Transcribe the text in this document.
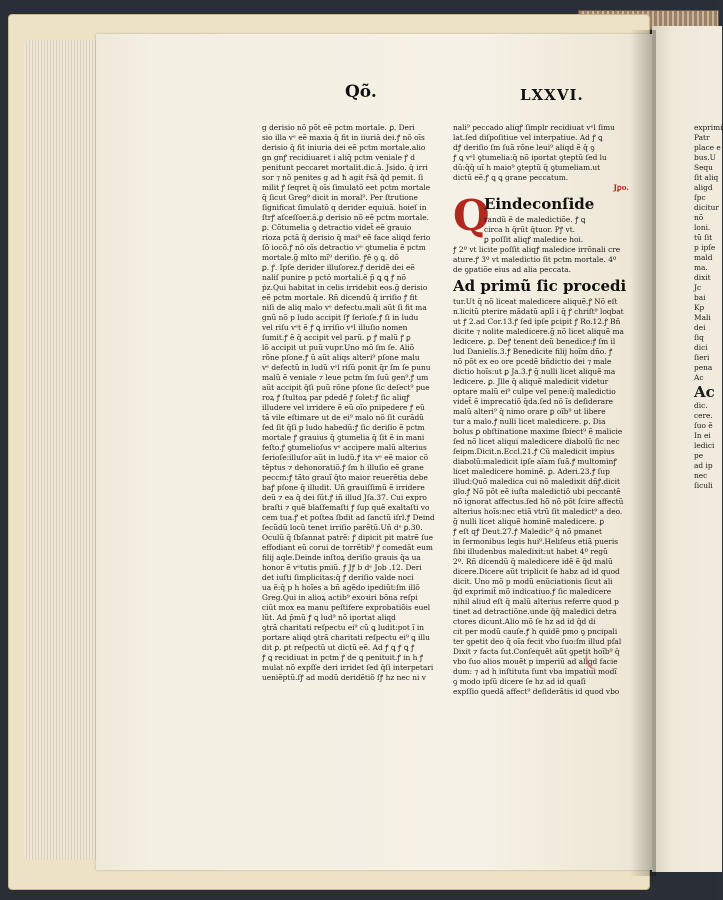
Qõ.	LXXVI.
g derisio nõ põt eẽ pctm mortale. ꝑ. Deri
sio illa vᵉ eẽ maxia q̄ fit in iiuriā dei.ꝭ nõ oīs
derisio q̄ fit iniuria dei eẽ pctm mortale.alio
gn gnꝭ recidiuaret i aliq̄ pctm veniale ꝭ d
penitunt peccaret mortalit.dic.ā. Jsido. q̄ irri
sor ⁊ nõ penites g ad ħ agit r̄sā q̄d pemit. ſi
milit ꝭ ſeqret q̄ oīs ſimulatō eet pctm mortale
q̄ ſicut Greg⁹ dicit in moral⁹. Per ſtrutione
ſignificat ſimulatō q derider equiuā. hoieſ in
ſtrꝭ aſceſſoer.ā.ꝑ derisio nõ eẽ pctm mortale.
ꝑ. Cõtumelia ꝯ detractio videt̄ eẽ grauio
rioza pctā q̄ derisio q̄ mai⁹ eẽ face aliqd ferio
ſõ iocõ.ꝭ nõ oīs detractio vᵉ ꝯtumelia ẽ pctm
mortale.g̃ mlto mĩ⁹ deriſio. ꝭẽ ꝯ ꝗ. dõ
ꝑ. ꝭ. Ipſe derider illuſorez.ꝭ deridẽ dei eẽ
naliſ punire p pctō mortali.ẽ p̃ ꝗ ꝗ ꝭ nõ
ṗz.Qui habitat in celis irridebit eos.g̃ derisio
eẽ pctm mortale. Rñ dicendũ q̄ irriſio ꝭ fit
niſi de aliq malo vᵉ defectu.mali aũt ſi fit ma
gnũ nõ p ludo accipit ſꝭ ſerioſe.ꝭ ſi in ludu
vel riſu vᵉt ẽ ꝭ ꝗ irriſio vᵉl illuſio nomen
ſumit.ꝭ ẽ q̄ accipit vel parũ. ꝑ ꝭ malũ ꝭ ꝑ
lõ accipit ut puũ vupr.Uno mõ ſm ſe. Aliõ
rõne pſone.ꝭ ũ aũt aliqs alteri⁹ pſone malu
vᵉ defectũ in ludũ vᵉl riſũ ponit q̄r ſm ſe punu
malũ ẽ veniale ⁊ leue pctm ſm ſuũ gen⁹.ꝭ um
aũt accipit q̄ſi puũ rõne pſone ſic deſect⁹ pue
roꝝ ꝭ ſtultoꝝ par pdedẽ ꝭ ſolet:ꝭ ſic aliqꝭ
illudere vel irridere ẽ eũ oĩo pnipedere ꝭ eũ
tã vile eſtimare ut de ei⁹ malo nõ ſit curãdũ
ſed ſit q̄ſi p ludo habedũ:ꝭ ſic deriſio ẽ pctm
mortale ꝭ grauius q̄ ꝯtumelia q̄ ſit ẽ in mani
feſto.ꝭ ꝯtumelioſus vᵉ accipere malũ alterius
ſerioſe:illuſor aũt in ludũ.ꝭ ita vᵉ eẽ maior cõ
tẽptus ⁊ dehonoratiõ.ꝭ ſm h illuſio eẽ grane
peccm:ꝭ tãto grauĩ q̄to maior reuerẽtia debe
baꝭ pſone q̄ illudit. Uñ grauiſſimũ ẽ irridere
deũ ⁊ ea q̄ dei ſũt.ꝭ iñ illud Jſa.37. Cui expro
braſti ⁊ quẽ blaſfemaſti ꝭ ſup quẽ exaltaſti vo
cem tua.ꝭ et poſtea ſbdit ad ſanctũ iſrl.ꝭ Deind
ſecũdũ locũ tenet irriſio parẽtũ.Uñ dᵉ ꝑ.30.
Oculũ q̄ ſbſannat patrẽ: ꝭ dipicit pit matrẽ ſue
effodiant eũ corui de torrẽtib⁹ ꝭ comedãt eum
filij aqle.Deinde inſtoꝝ deriſio grauis q̄a ua
honor ẽ vᵉtutis pmiũ. ꝭ Jꝭ b dᵉ Job .12. Deri
det iuſti ſimplicitas:q̄ ꝭ deriſio valde noci
ua ẽ:q̄ p h hoĩes a bñ agẽdo ipediũt:ſm illõ
Greg.Qui in alioꝝ actib⁹ exoꝛiri bõna reſpi
ciũt mox ea manu peſtifere exprobatiõis euel
lũt. Ad p̄mũ ꝭ ꝗ lud⁹ nõ iportat aliqd
ꝯtrã charitati reſpectu ei⁹ cũ ꝗ ludit:pot ĩ in
portare aliqd ꝯtrã charitati reſpectu ei⁹ ꝗ illu
dit ꝑ. ꝑt reſpectũ ut dictũ eẽ. Ad ꝭ ꝗ ꝭ ꝗ ꝭ
ꝭ ꝗ recidiuat in pctm ꝭ de ꝗ penituit.ꝭ in h ꝭ
mulat nõ expſſe deri irridet ſed q̄ſi interpetari
ueniẽptũ.ſꝭ ad modũ deridẽtiõ ſꝭ hz nec ni v
nali⁹ peccado aliqꝭ ſimplr recidiuat vᵉl ſimu
lat.ſed diſpoſitiue vel interpatiue. Ad ꝭ ꝗ
dꝭ deriſio ſm ſuã rõne leui⁹ aliqd ẽ q̄ ꝯ
ꝭ ꝗ vᵉl ꝯtumelia:q̄ nõ iportat ꝯteptũ ſed lu
dũ:q̄q̄ uĩ h maio⁹ ꝯteptũ q̄ ꝯtumeliam.ut
dictũ eẽ.ꝭ ꝗ ꝗ grane peccatum.
Jꝑo.
Q
Eindeconſide
randũ ẽ de maledictiõe. ꝭ ꝗ
circa h q̄rũt q̄tuor. Pꝭ vt.
ꝑ poſſit aliqꝭ maledice hoi.
ꝭ 2º vt licite poſſit aliqꝭ maledice irrõnali cre
ature.ꝭ 3º vt maledictio ſit pctm mortale. 4º
de ꝯpatiõe eius ad alia peccata.
Ad primũ ſic procedi
tur.Ut q̄ nõ liceat maledicere aliquẽ.ꝭ Nõ eſt
n.licitũ pterire mãdatũ aplĩ i q̄ ꝭ chriſt⁹ loqbat
ut ꝭ 2.ad Cor.13.ꝭ ſed ipſe ꝑcipit ꝭ Ro.12.ꝭ Bñ
dicite ⁊ nolite maledicere.g̃ nõ licet aliquẽ ma
ledicere. ꝑ. Deꝭ tenent deũ benedice:ꝭ ſm il
lud Danielis.3.ꝭ Benedicite filij hoĩm dño. ꝭ
nõ põt ex eo ore pcedẽ bñdictio dei ⁊ male
dictio hoĩs:ut ꝑ Ja.3.ꝭ g̃ nulli licet aliquẽ ma
ledicere. ꝑ. Jlle q̄ aliquẽ maledicit videtur
optare malũ ei⁹ culpe vel pene:q̄ maledictio
videt̄ ẽ imprecatiõ q̄da.ſed nõ ĩs deſiderare
malũ alteri⁹ q̄ nimo orare ꝑ oĩb⁹ ut libere
tur a malo.ꝭ nulli licet maledicere. ꝑ. Dia
bolus ꝑ obſtinatione maxime ſbiect⁹ ẽ malicie
ſed nõ licet aliqui maledicere diabolũ ſic nec
ſeipm.Dicit.n.Eccl.21.ꝭ Cũ maledicit impius
diabolũ:maledicit ipſe aĩam ſuã.ꝭ multominꝭ
licet maledicere hominẽ. ꝑ. Aderi.23.ꝭ ſup
illud:Quõ maledica cui nõ maledixit dñꝭ.dicit
glo.ꝭ Nõ põt eẽ iuſta maledictiõ ubi peccantẽ
nõ ignorat affectus.ſed hõ nõ põt ſcire affectũ
alterius hoĩs:nec etiã vtrũ ſit maledict⁹ a deo.
g̃ nulli licet aliquẽ hominẽ maledicere. ꝑ
ꝭ eſt qꝭ Deut.27.ꝭ Maledic⁹ q̄ nõ pmanet
in ſermonibus legis hui⁹.Heliſeus etiã pueris
ſibi illudenbus maledixit:ut habet 4º regũ
2º. Rñ dicendũ q̄ maledicere idẽ ẽ q̄d malũ
dicere.Dicere aũt triplicit ſe habz ad id quod
dicit. Uno mõ p modũ enũciationis ſicut ali
q̄d exprimit̄ mõ indicatiuo.ꝭ ſic maledicere
nihil aliud eſt q̄ malũ alterius referre quod p
tinet ad detractiõne.unde q̄q̄ maledici detra
ctores dicunt.Alio mõ ſe hz ad id q̄d di
cit per modũ cauſe.ꝭ h quidẽ pmo ꝯ pncipali
ter ꝯpetit deo q̄ oĩa fecit vbo ſuo:ſm illud pſal
Dixit ⁊ facta ſut.Conſequẽt aũt ꝯpetit hoĩb⁹ q̄
vbo ſuo alios mouẽt p imperiũ ad aliqd facie
dum: ⁊ ad h inſtituta ſunt vba impatiui modĩ
ꝯ modo ipſũ dicere ſe hz ad id quaſi
expſſio quedã affect⁹ deſiderãtis id quod vbo
exprimi
Patr
place e
bus.U
Sequ
ſit aliq
aligd
ſpc
dicitur
nõ
loni.
tũ ſit
p ipſe
mald
ma.
dixit
Jc
bai
Kp
Mali
dei
ſiq
dici
ſieri
pena
Ac
Ac
dic.
cere.
ſuo ẽ
In ei
ledici
pe
ad ip
nec
ſiculi
